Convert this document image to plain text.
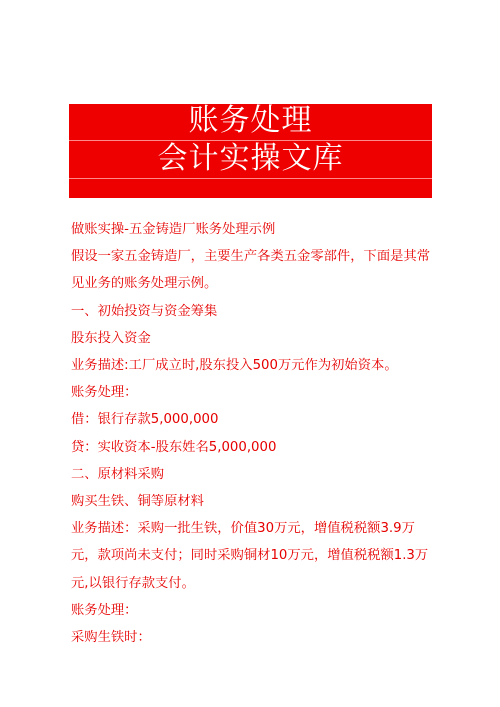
账务处理
会计实操文库

做账实操-五金铸造厂账务处理示例

假设一家五金铸造厂，主要生产各类五金零部件，下面是其常见业务的账务处理示例。

一、初始投资与资金筹集

股东投入资金

业务描述:工厂成立时,股东投入500万元作为初始资本。

账务处理：

借：银行存款5,000,000

贷：实收资本-股东姓名5,000,000

二、原材料采购

购买生铁、铜等原材料

业务描述：采购一批生铁，价值30万元，增值税税额3.9万元，款项尚未支付；同时采购铜材10万元，增值税税额1.3万元,以银行存款支付。

账务处理：

采购生铁时：
